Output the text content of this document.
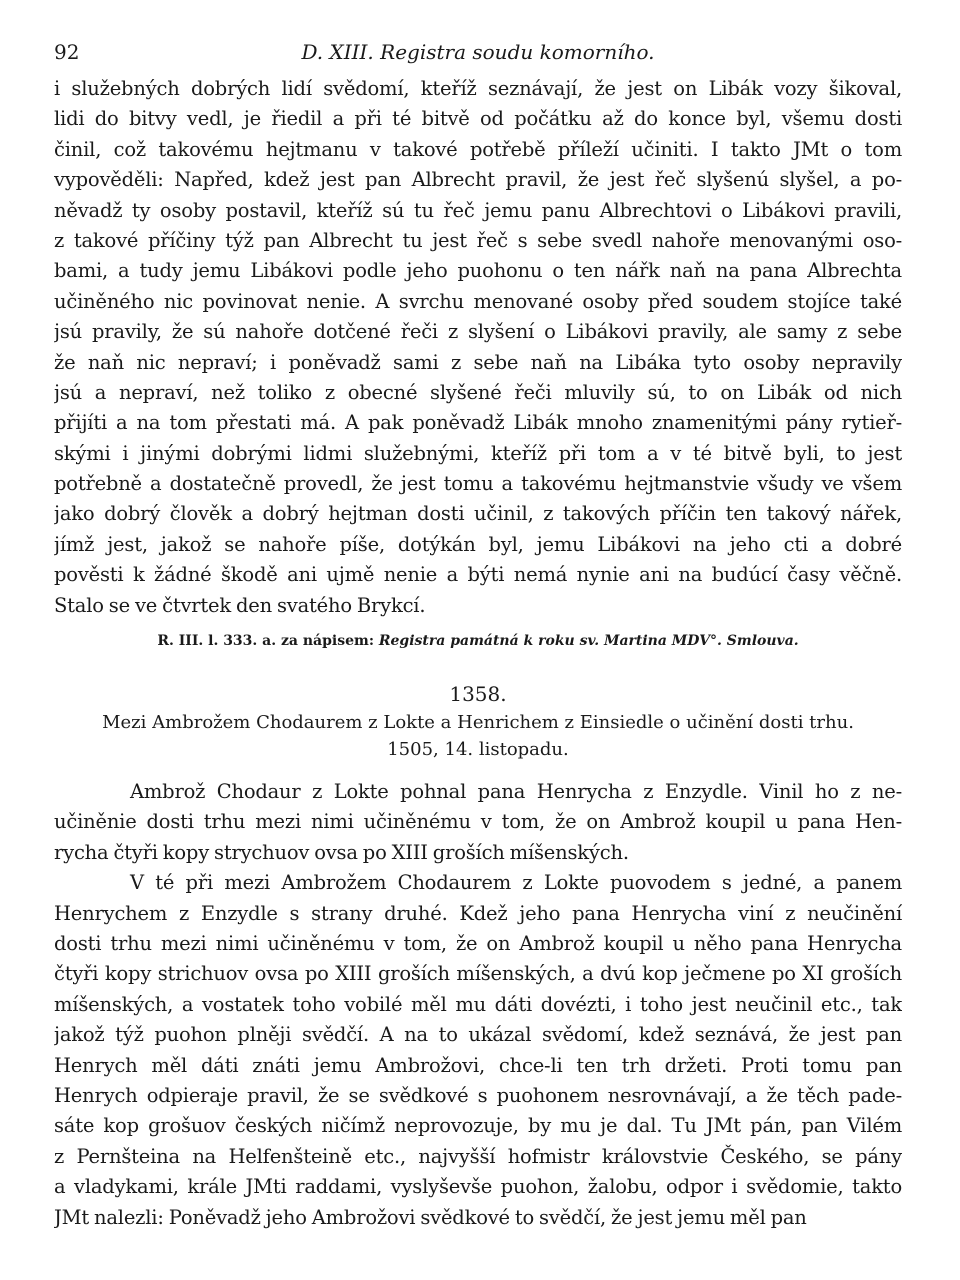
92	D. XIII. Registra soudu komorního.
i služebných dobrých lidí svědomí, kteříž seznávají, že jest on Libák vozy šikoval,
lidi do bitvy vedl, je řiedil a při té bitvě od počátku až do konce byl, všemu dosti
činil, což takovému hejtmanu v takové potřebě příleží učiniti. I takto JMt o tom
vypověděli: Napřed, kdež jest pan Albrecht pravil, že jest řeč slyšenú slyšel, a po-
něvadž ty osoby postavil, kteříž sú tu řeč jemu panu Albrechtovi o Libákovi pravili,
z takové příčiny týž pan Albrecht tu jest řeč s sebe svedl nahoře menovanými oso-
bami, a tudy jemu Libákovi podle jeho puohonu o ten nářk naň na pana Albrechta
učiněného nic povinovat nenie. A svrchu menované osoby před soudem stojíce také
jsú pravily, že sú nahoře dotčené řeči z slyšení o Libákovi pravily, ale samy z sebe
že naň nic nepraví; i poněvadž sami z sebe naň na Libáka tyto osoby nepravily
jsú a nepraví, než toliko z obecné slyšené řeči mluvily sú, to on Libák od nich
přijíti a na tom přestati má. A pak poněvadž Libák mnoho znamenitými pány rytieř-
skými i jinými dobrými lidmi služebnými, kteříž při tom a v té bitvě byli, to jest
potřebně a dostatečně provedl, že jest tomu a takovému hejtmanstvie všudy ve všem
jako dobrý člověk a dobrý hejtman dosti učinil, z takových příčin ten takový nářek,
jímž jest, jakož se nahoře píše, dotýkán byl, jemu Libákovi na jeho cti a dobré
pověsti k žádné škodě ani ujmě nenie a býti nemá nynie ani na budúcí časy věčně.
Stalo se ve čtvrtek den svatého Brykcí.
R. III. l. 333. a. za nápisem: Registra památná k roku sv. Martina MDV°. Smlouva.
1358.
Mezi Ambrožem Chodaurem z Lokte a Henrichem z Einsiedle o učinění dosti trhu.
1505, 14. listopadu.
Ambrož Chodaur z Lokte pohnal pana Henrycha z Enzydle. Vinil ho z ne-
učiněnie dosti trhu mezi nimi učiněnému v tom, že on Ambrož koupil u pana Hen-
rycha čtyři kopy strychuov ovsa po XIII groších míšenských.
V té při mezi Ambrožem Chodaurem z Lokte puovodem s jedné, a panem
Henrychem z Enzydle s strany druhé. Kdež jeho pana Henrycha viní z neučinění
dosti trhu mezi nimi učiněnému v tom, že on Ambrož koupil u něho pana Henrycha
čtyři kopy strichuov ovsa po XIII groších míšenských, a dvú kop ječmene po XI groších
míšenských, a vostatek toho vobilé měl mu dáti dovézti, i toho jest neučinil etc., tak
jakož týž puohon plněji svědčí. A na to ukázal svědomí, kdež seznává, že jest pan
Henrych měl dáti znáti jemu Ambrožovi, chce-li ten trh držeti. Proti tomu pan
Henrych odpieraje pravil, že se svědkové s puohonem nesrovnávají, a že těch pade-
sáte kop grošuov českých ničímž neprovozuje, by mu je dal. Tu JMt pán, pan Vilém
z Pernšteina na Helfenšteině etc., najvyšší hofmistr královstvie Českého, se pány
a vladykami, krále JMti raddami, vyslyševše puohon, žalobu, odpor i svědomie, takto
JMt nalezli: Poněvadž jeho Ambrožovi svědkové to svědčí, že jest jemu měl pan
